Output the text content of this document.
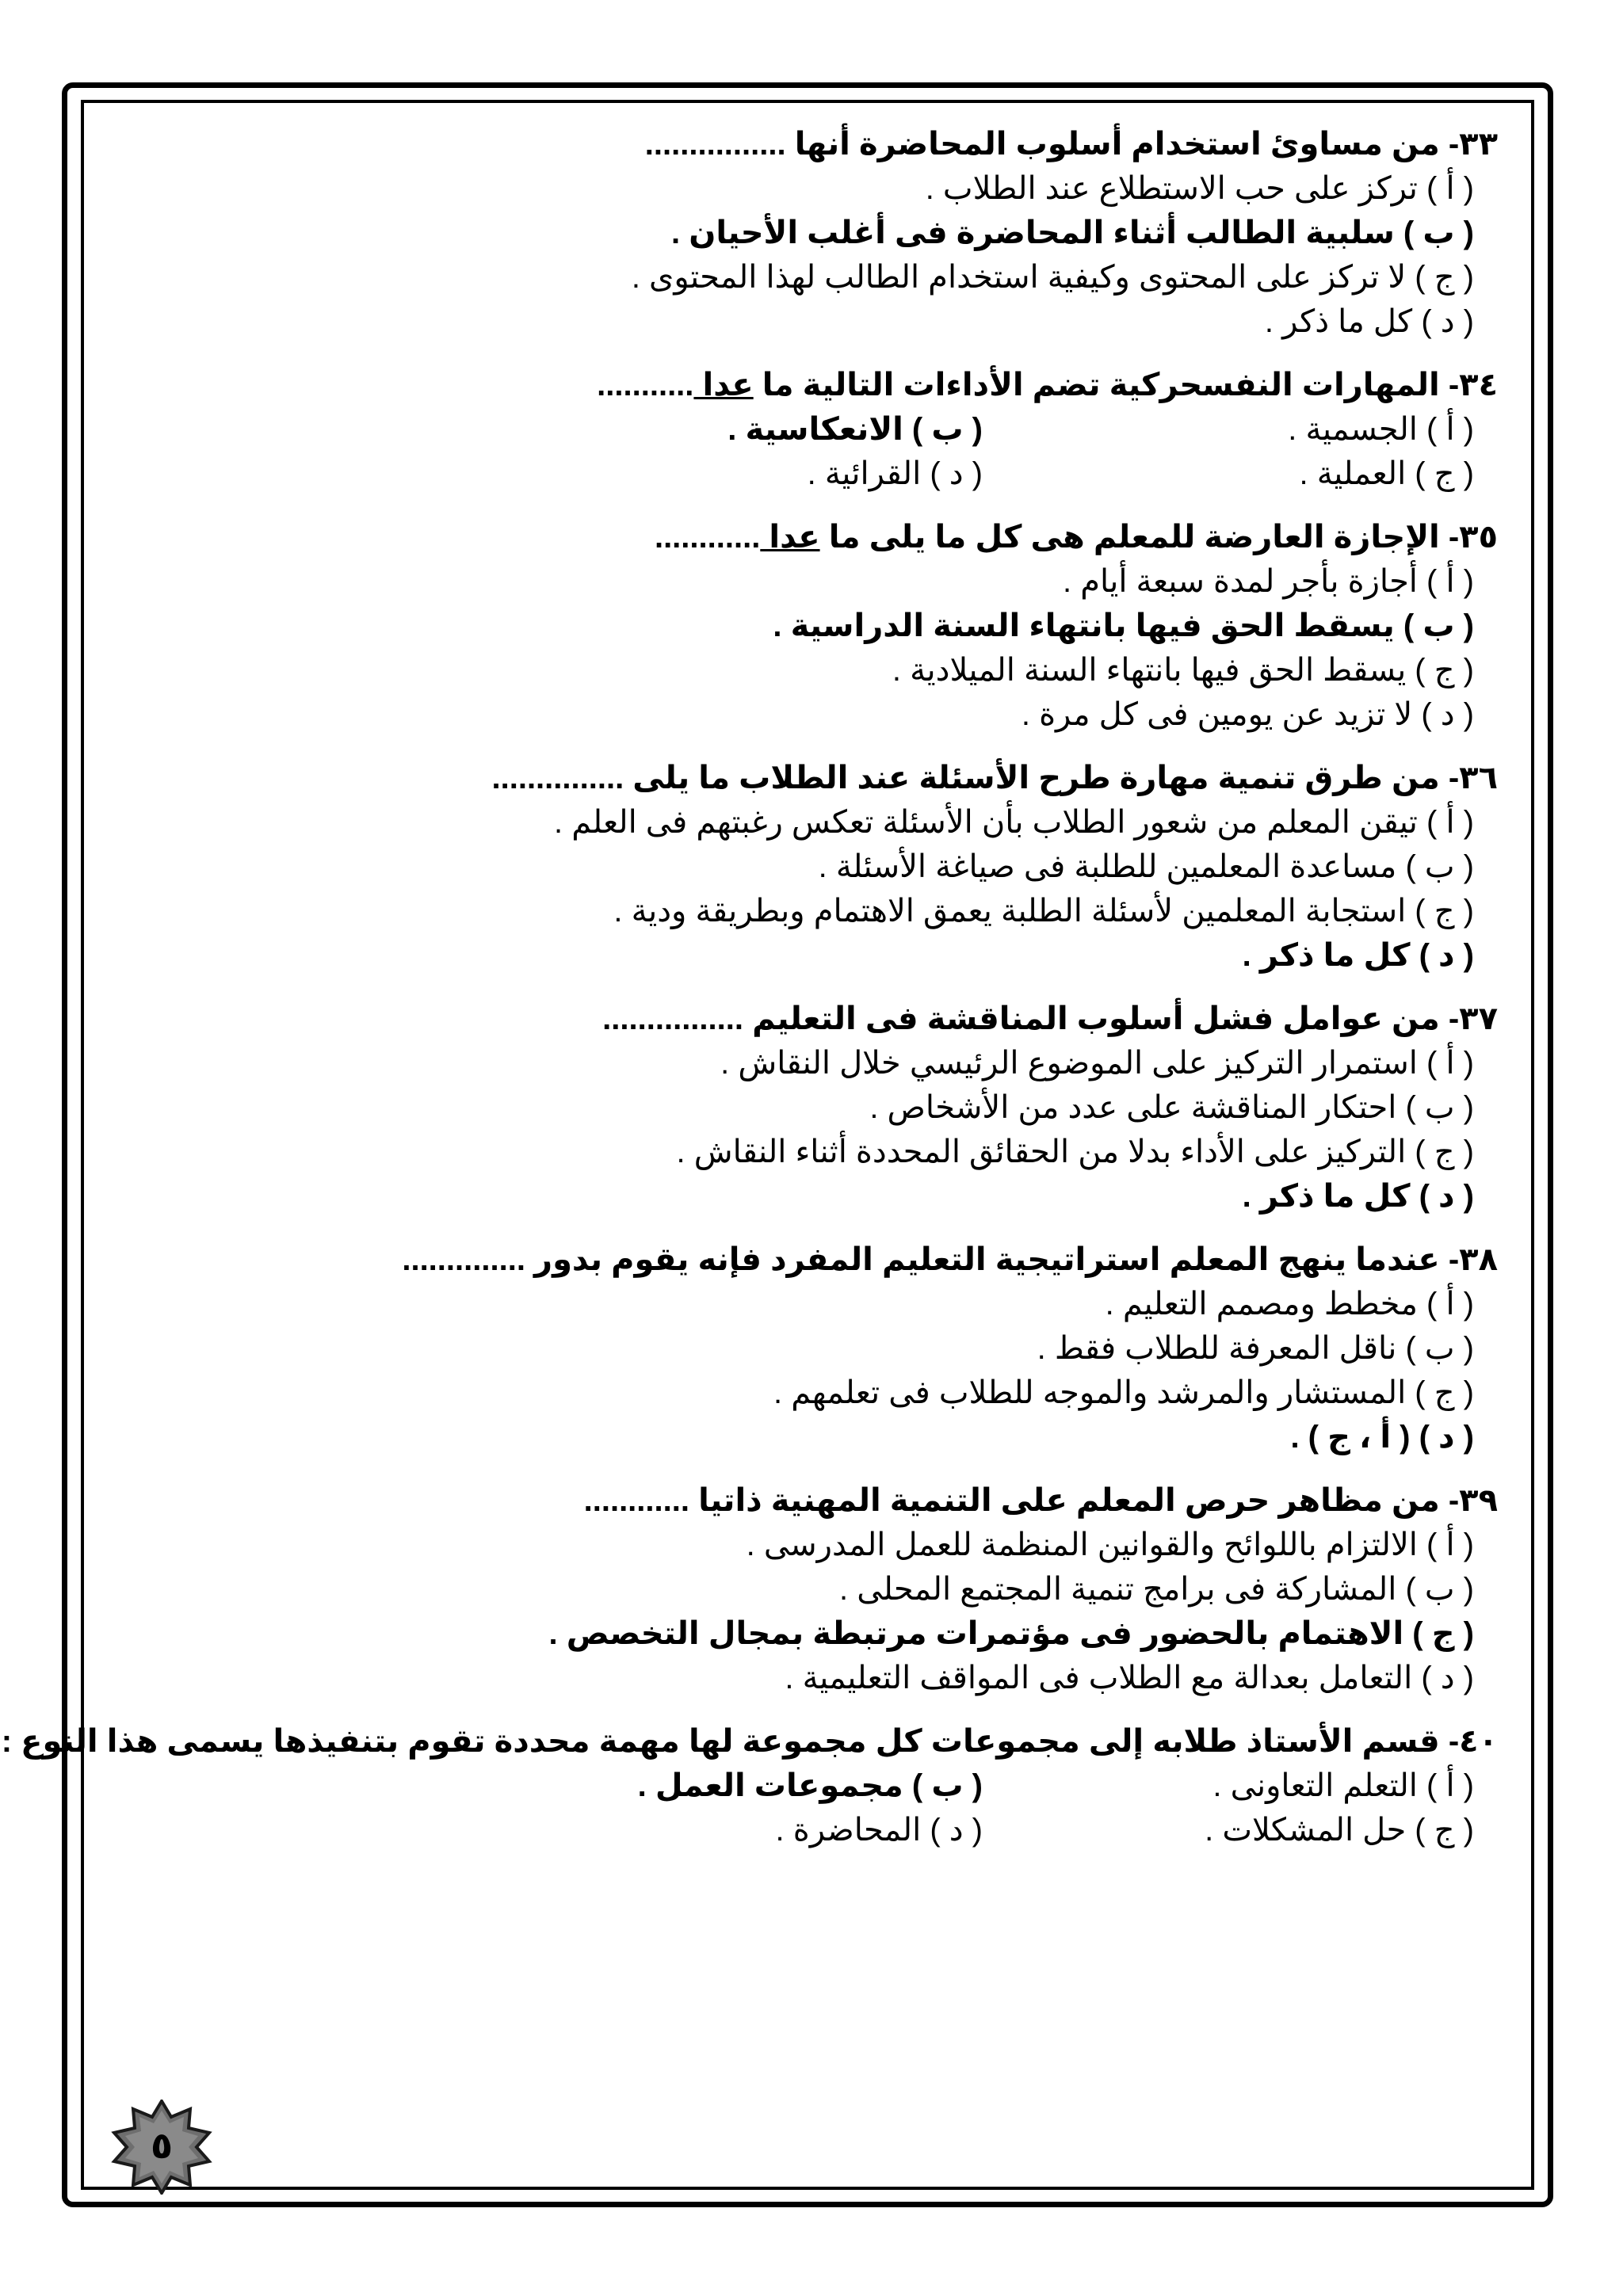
٣٣- من مساوئ استخدام أسلوب المحاضرة أنها ................
( أ ) تركز على حب الاستطلاع عند الطلاب .
( ب ) سلبية الطالب أثناء المحاضرة فى أغلب الأحيان .
( ج ) لا تركز على المحتوى وكيفية استخدام الطالب لهذا المحتوى .
( د ) كل ما ذكر .
٣٤- المهارات النفسحركية تضم الأداءات التالية ما عدا ...........
( أ ) الجسمية .
( ب ) الانعكاسية .
( ج ) العملية .
( د ) القرائية .
٣٥- الإجازة العارضة للمعلم هى كل ما يلى ما عدا ............
( أ ) أجازة بأجر لمدة سبعة أيام .
( ب ) يسقط الحق فيها بانتهاء السنة الدراسية .
( ج ) يسقط الحق فيها بانتهاء السنة الميلادية .
( د ) لا تزيد عن يومين فى كل مرة .
٣٦- من طرق تنمية مهارة طرح الأسئلة عند الطلاب ما يلى ...............
( أ ) تيقن المعلم من شعور الطلاب بأن الأسئلة تعكس رغبتهم فى العلم .
( ب ) مساعدة المعلمين للطلبة فى صياغة الأسئلة .
( ج ) استجابة المعلمين لأسئلة الطلبة يعمق الاهتمام وبطريقة ودية .
( د ) كل ما ذكر .
٣٧- من عوامل فشل أسلوب المناقشة فى التعليم ................
( أ ) استمرار التركيز على الموضوع الرئيسي خلال النقاش .
( ب ) احتكار المناقشة على عدد من الأشخاص .
( ج ) التركيز على الأداء بدلا من الحقائق المحددة أثناء النقاش .
( د ) كل ما ذكر .
٣٨- عندما ينهج المعلم استراتيجية التعليم المفرد فإنه يقوم بدور ..............
( أ ) مخطط ومصمم التعليم .
( ب ) ناقل المعرفة للطلاب فقط .
( ج ) المستشار والمرشد والموجه للطلاب فى تعلمهم .
( د ) ( أ ، ج ) .
٣٩- من مظاهر حرص المعلم على التنمية المهنية ذاتيا ............
( أ ) الالتزام باللوائح والقوانين المنظمة للعمل المدرسى .
( ب ) المشاركة فى برامج تنمية المجتمع المحلى .
( ج ) الاهتمام بالحضور فى مؤتمرات مرتبطة بمجال التخصص .
( د ) التعامل بعدالة مع الطلاب فى المواقف التعليمية .
٤٠- قسم الأستاذ طلابه إلى مجموعات كل مجموعة لها مهمة محددة تقوم بتنفيذها يسمى هذا النوع :
( أ ) التعلم التعاونى .
( ب ) مجموعات العمل .
( ج ) حل المشكلات .
( د ) المحاضرة .
٥
